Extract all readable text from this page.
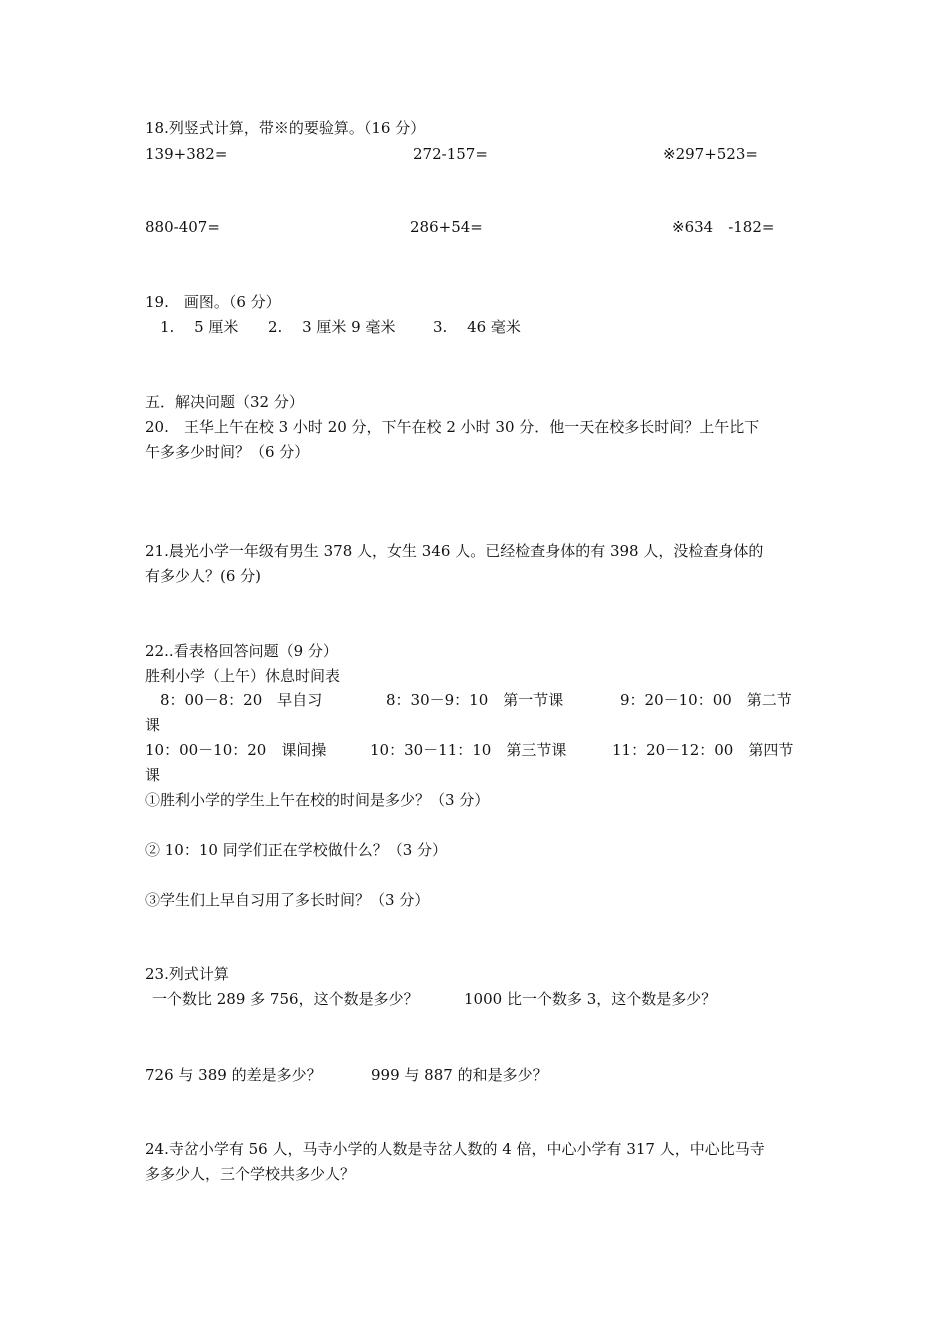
18.列竖式计算，带※的要验算。（16 分）
139+382=	272-157=	※297+523=
880-407=	286+54=	※634　-182=
19.　画图。（6 分）
1.　 5 厘米 2.　 3 厘米 9 毫米	3.　 46 毫米
五．解决问题（32 分）
20.　王华上午在校 3 小时 20 分，下午在校 2 小时 30 分．他一天在校多长时间？上午比下
午多多少时间？（6 分）
21.晨光小学一年级有男生 378 人，女生 346 人。已经检查身体的有 398 人，没检查身体的
有多少人？(6 分)
22..看表格回答问题（9 分）
胜利小学（上午）休息时间表
8：00－8：20　早自习	8：30－9：10　第一节课	9：20－10：00　第二节
课
10：00－10：20　课间操	10：30－11：10　第三节课	11：20－12：00　第四节
课
①胜利小学的学生上午在校的时间是多少？（3 分）
② 10：10 同学们正在学校做什么？（3 分）
③学生们上早自习用了多长时间？（3 分）
23.列式计算
一个数比 289 多 756，这个数是多少？	1000 比一个数多 3，这个数是多少？
726 与 389 的差是多少？	999 与 887 的和是多少？
24.寺岔小学有 56 人，马寺小学的人数是寺岔人数的 4 倍，中心小学有 317 人，中心比马寺
多多少人，三个学校共多少人？
